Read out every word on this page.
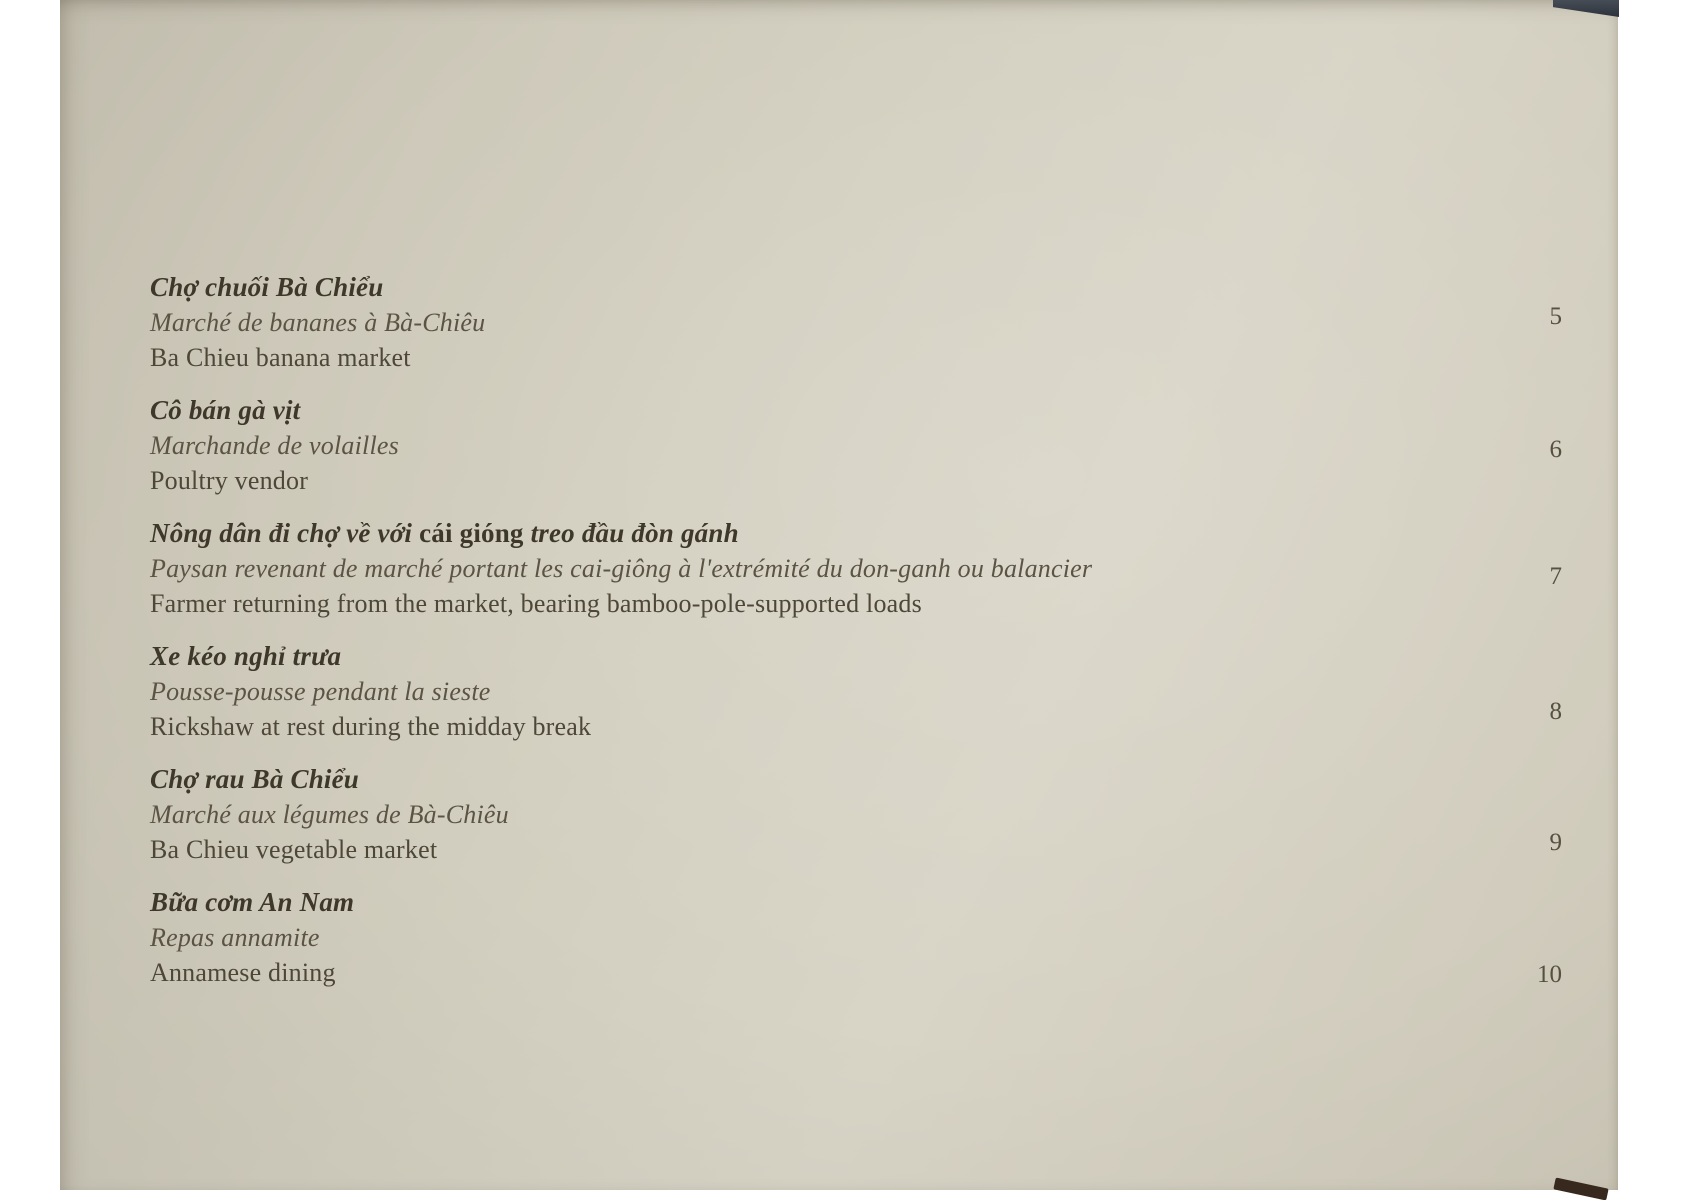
Chợ chuối Bà Chiểu
Marché de bananes à Bà-Chiêu
Ba Chieu banana market
5
Cô bán gà vịt
Marchande de volailles
Poultry vendor
6
Nông dân đi chợ về với cái gióng treo đầu đòn gánh
Paysan revenant de marché portant les cai-giông à l'extrémité du don-ganh ou balancier
Farmer returning from the market, bearing bamboo-pole-supported loads
7
Xe kéo nghỉ trưa
Pousse-pousse pendant la sieste
Rickshaw at rest during the midday break
8
Chợ rau Bà Chiểu
Marché aux légumes de Bà-Chiêu
Ba Chieu vegetable market	9
Bữa cơm An Nam
Repas annamite
Annamese dining	10
